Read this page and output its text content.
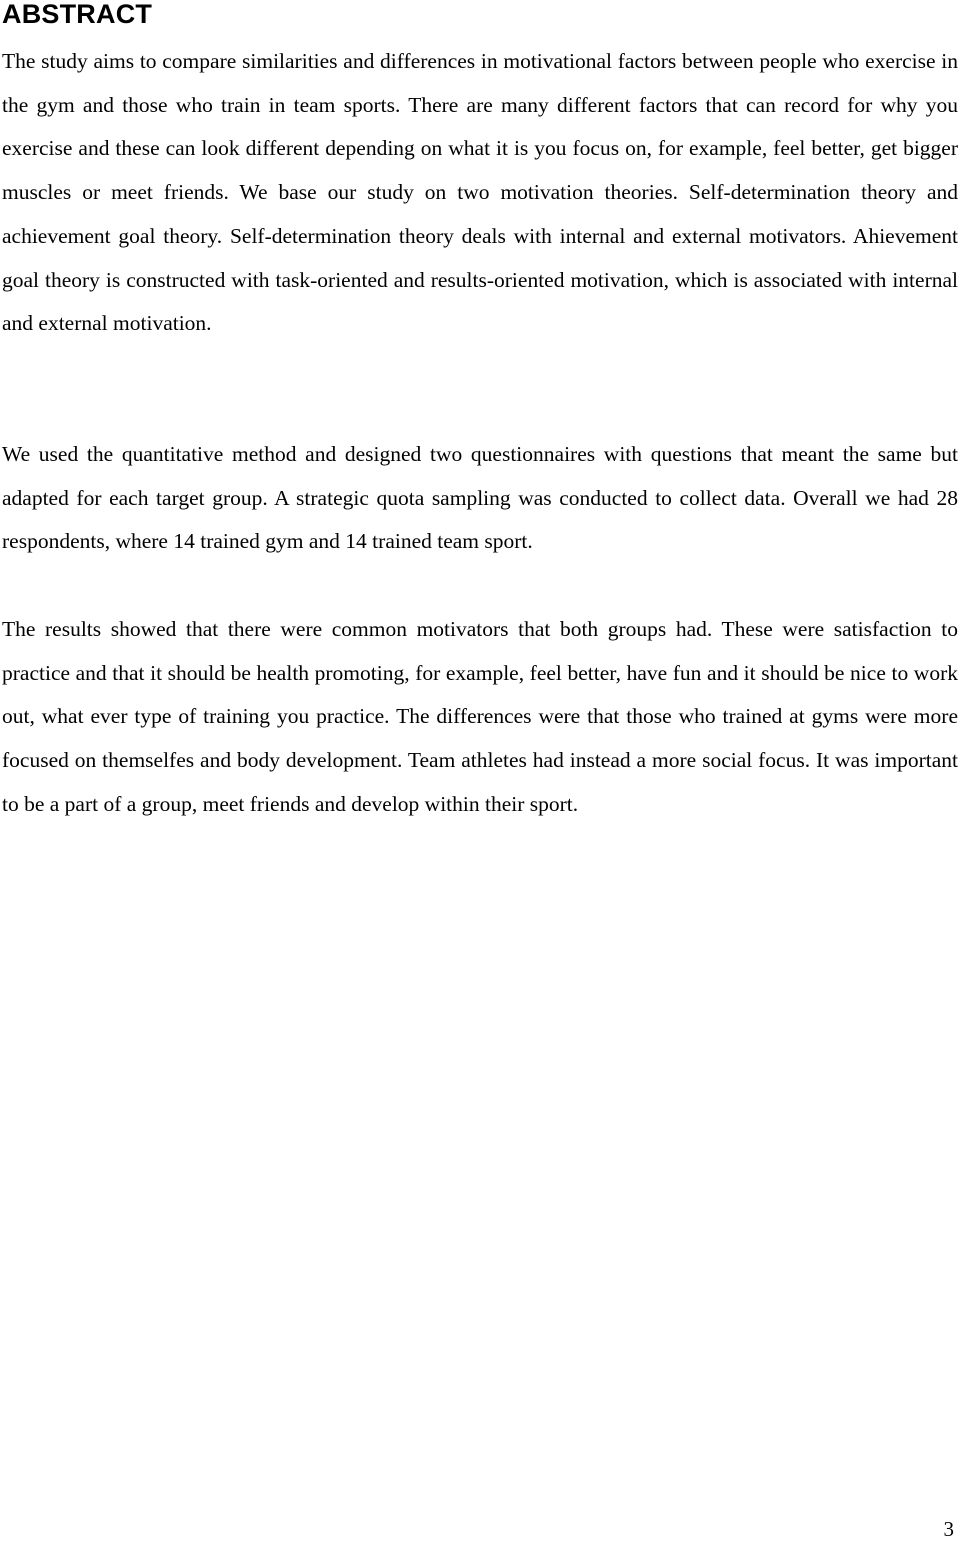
ABSTRACT

The study aims to compare similarities and differences in motivational factors between people who exercise in the gym and those who train in team sports. There are many different factors that can record for why you exercise and these can look different depending on what it is you focus on, for example, feel better, get bigger muscles or meet friends. We base our study on two motivation theories. Self-determination theory and achievement goal theory. Self-determination theory deals with internal and external motivators. Ahievement goal theory is constructed with task-oriented and results-oriented motivation, which is associated with internal and external motivation.

We used the quantitative method and designed two questionnaires with questions that meant the same but adapted for each target group. A strategic quota sampling was conducted to collect data. Overall we had 28 respondents, where 14 trained gym and 14 trained team sport.

The results showed that there were common motivators that both groups had. These were satisfaction to practice and that it should be health promoting, for example, feel better, have fun and it should be nice to work out, what ever type of training you practice. The differences were that those who trained at gyms were more focused on themselfes and body development. Team athletes had instead a more social focus. It was important to be a part of a group, meet friends and develop within their sport.

3
